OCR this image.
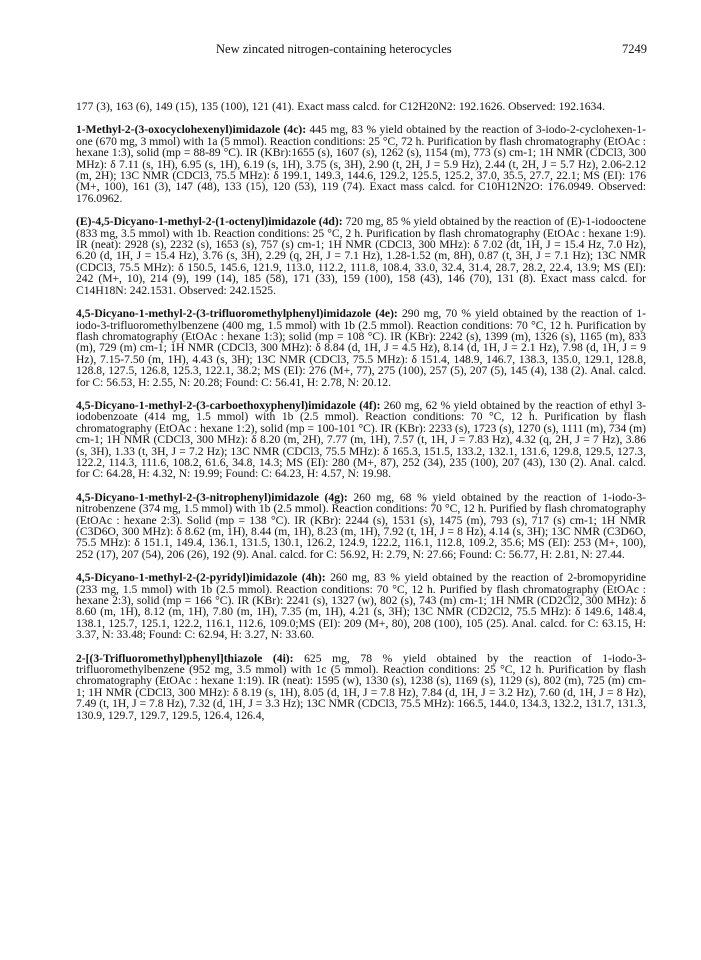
New zincated nitrogen-containing heterocycles	7249

177 (3), 163 (6), 149 (15), 135 (100), 121 (41). Exact mass calcd. for C12H20N2: 192.1626. Observed: 192.1634.

1-Methyl-2-(3-oxocyclohexenyl)imidazole (4c): 445 mg, 83 % yield obtained by the reaction of 3-iodo-2-cyclohexen-1-one (670 mg, 3 mmol) with 1a (5 mmol). Reaction conditions: 25 °C, 72 h. Purification by flash chromatography (EtOAc : hexane 1:3), solid (mp = 88-89 °C). IR (KBr):1655 (s), 1607 (s), 1262 (s), 1154 (m), 773 (s) cm-1; 1H NMR (CDCl3, 300 MHz): δ 7.11 (s, 1H), 6.95 (s, 1H), 6.19 (s, 1H), 3.75 (s, 3H), 2.90 (t, 2H, J = 5.9 Hz), 2.44 (t, 2H, J = 5.7 Hz), 2.06-2.12 (m, 2H); 13C NMR (CDCl3, 75.5 MHz): δ 199.1, 149.3, 144.6, 129.2, 125.5, 125.2, 37.0, 35.5, 27.7, 22.1; MS (EI): 176 (M+, 100), 161 (3), 147 (48), 133 (15), 120 (53), 119 (74). Exact mass calcd. for C10H12N2O: 176.0949. Observed: 176.0962.

(E)-4,5-Dicyano-1-methyl-2-(1-octenyl)imidazole (4d): 720 mg, 85 % yield obtained by the reaction of (E)-1-iodooctene (833 mg, 3.5 mmol) with 1b. Reaction conditions: 25 °C, 2 h. Purification by flash chromatography (EtOAc : hexane 1:9). IR (neat): 2928 (s), 2232 (s), 1653 (s), 757 (s) cm-1; 1H NMR (CDCl3, 300 MHz): δ 7.02 (dt, 1H, J = 15.4 Hz, 7.0 Hz), 6.20 (d, 1H, J = 15.4 Hz), 3.76 (s, 3H), 2.29 (q, 2H, J = 7.1 Hz), 1.28-1.52 (m, 8H), 0.87 (t, 3H, J = 7.1 Hz); 13C NMR (CDCl3, 75.5 MHz): δ 150.5, 145.6, 121.9, 113.0, 112.2, 111.8, 108.4, 33.0, 32.4, 31.4, 28.7, 28.2, 22.4, 13.9; MS (EI): 242 (M+, 10), 214 (9), 199 (14), 185 (58), 171 (33), 159 (100), 158 (43), 146 (70), 131 (8). Exact mass calcd. for C14H18N: 242.1531. Observed: 242.1525.

4,5-Dicyano-1-methyl-2-(3-trifluoromethylphenyl)imidazole (4e): 290 mg, 70 % yield obtained by the reaction of 1-iodo-3-trifluoromethylbenzene (400 mg, 1.5 mmol) with 1b (2.5 mmol). Reaction conditions: 70 °C, 12 h. Purification by flash chromatography (EtOAc : hexane 1:3); solid (mp = 108 °C). IR (KBr): 2242 (s), 1399 (m), 1326 (s), 1165 (m), 833 (m), 729 (m) cm-1; 1H NMR (CDCl3, 300 MHz): δ 8.84 (d, 1H, J = 4.5 Hz), 8.14 (d, 1H, J = 2.1 Hz), 7.98 (d, 1H, J = 9 Hz), 7.15-7.50 (m, 1H), 4.43 (s, 3H); 13C NMR (CDCl3, 75.5 MHz): δ 151.4, 148.9, 146.7, 138.3, 135.0, 129.1, 128.8, 128.8, 127.5, 126.8, 125.3, 122.1, 38.2; MS (EI): 276 (M+, 77), 275 (100), 257 (5), 207 (5), 145 (4), 138 (2). Anal. calcd. for C: 56.53, H: 2.55, N: 20.28; Found: C: 56.41, H: 2.78, N: 20.12.

4,5-Dicyano-1-methyl-2-(3-carboethoxyphenyl)imidazole (4f): 260 mg, 62 % yield obtained by the reaction of ethyl 3-iodobenzoate (414 mg, 1.5 mmol) with 1b (2.5 mmol). Reaction conditions: 70 °C, 12 h. Purification by flash chromatography (EtOAc : hexane 1:2), solid (mp = 100-101 °C). IR (KBr): 2233 (s), 1723 (s), 1270 (s), 1111 (m), 734 (m) cm-1; 1H NMR (CDCl3, 300 MHz): δ 8.20 (m, 2H), 7.77 (m, 1H), 7.57 (t, 1H, J = 7.83 Hz), 4.32 (q, 2H, J = 7 Hz), 3.86 (s, 3H), 1.33 (t, 3H, J = 7.2 Hz); 13C NMR (CDCl3, 75.5 MHz): δ 165.3, 151.5, 133.2, 132.1, 131.6, 129.8, 129.5, 127.3, 122.2, 114.3, 111.6, 108.2, 61.6, 34.8, 14.3; MS (EI): 280 (M+, 87), 252 (34), 235 (100), 207 (43), 130 (2). Anal. calcd. for C: 64.28, H: 4.32, N: 19.99; Found: C: 64.23, H: 4.57, N: 19.98.

4,5-Dicyano-1-methyl-2-(3-nitrophenyl)imidazole (4g): 260 mg, 68 % yield obtained by the reaction of 1-iodo-3-nitrobenzene (374 mg, 1.5 mmol) with 1b (2.5 mmol). Reaction conditions: 70 °C, 12 h. Purified by flash chromatography (EtOAc : hexane 2:3). Solid (mp = 138 °C). IR (KBr): 2244 (s), 1531 (s), 1475 (m), 793 (s), 717 (s) cm-1; 1H NMR (C3D6O, 300 MHz): δ 8.62 (m, 1H), 8.44 (m, 1H), 8.23 (m, 1H), 7.92 (t, 1H, J = 8 Hz), 4.14 (s, 3H); 13C NMR (C3D6O, 75.5 MHz): δ 151.1, 149.4, 136.1, 131.5, 130.1, 126.2, 124.9, 122.2, 116.1, 112.8, 109.2, 35.6; MS (EI): 253 (M+, 100), 252 (17), 207 (54), 206 (26), 192 (9). Anal. calcd. for C: 56.92, H: 2.79, N: 27.66; Found: C: 56.77, H: 2.81, N: 27.44.

4,5-Dicyano-1-methyl-2-(2-pyridyl)imidazole (4h): 260 mg, 83 % yield obtained by the reaction of 2-bromopyridine (233 mg, 1.5 mmol) with 1b (2.5 mmol). Reaction conditions: 70 °C, 12 h. Purified by flash chromatography (EtOAc : hexane 2:3), solid (mp = 166 °C). IR (KBr): 2241 (s), 1327 (w), 802 (s), 743 (m) cm-1; 1H NMR (CD2Cl2, 300 MHz): δ 8.60 (m, 1H), 8.12 (m, 1H), 7.80 (m, 1H), 7.35 (m, 1H), 4.21 (s, 3H); 13C NMR (CD2Cl2, 75.5 MHz): δ 149.6, 148.4, 138.1, 125.7, 125.1, 122.2, 116.1, 112.6, 109.0;MS (EI): 209 (M+, 80), 208 (100), 105 (25). Anal. calcd. for C: 63.15, H: 3.37, N: 33.48; Found: C: 62.94, H: 3.27, N: 33.60.

2-[(3-Trifluoromethyl)phenyl]thiazole (4i): 625 mg, 78 % yield obtained by the reaction of 1-iodo-3-trifluoromethylbenzene (952 mg, 3.5 mmol) with 1c (5 mmol). Reaction conditions: 25 °C, 12 h. Purification by flash chromatography (EtOAc : hexane 1:19). IR (neat): 1595 (w), 1330 (s), 1238 (s), 1169 (s), 1129 (s), 802 (m), 725 (m) cm-1; 1H NMR (CDCl3, 300 MHz): δ 8.19 (s, 1H), 8.05 (d, 1H, J = 7.8 Hz), 7.84 (d, 1H, J = 3.2 Hz), 7.60 (d, 1H, J = 8 Hz), 7.49 (t, 1H, J = 7.8 Hz), 7.32 (d, 1H, J = 3.3 Hz); 13C NMR (CDCl3, 75.5 MHz): 166.5, 144.0, 134.3, 132.2, 131.7, 131.3, 130.9, 129.7, 129.7, 129.5, 126.4, 126.4,
